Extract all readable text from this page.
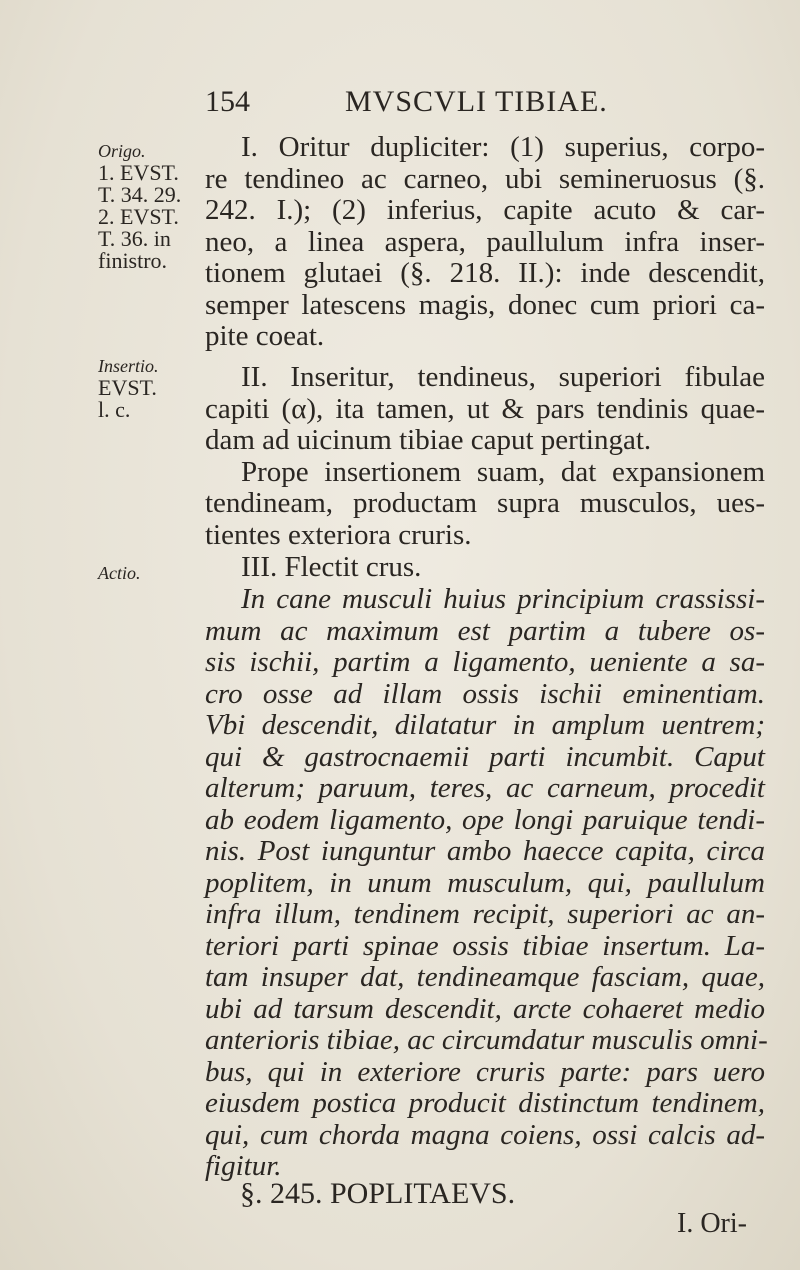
154	MVSCVLI TIBIAE.
Origo.
1. EVST.
T. 34. 29.
2. EVST.
T. 36. in
finistro.
Insertio.
EVST.
l. c.
Actio.
I. Oritur dupliciter: (1) superius, corpo-
re tendineo ac carneo, ubi semineruosus (§.
242. I.); (2) inferius, capite acuto & car-
neo, a linea aspera, paullulum infra inser-
tionem glutaei (§. 218. II.): inde descendit,
semper latescens magis, donec cum priori ca-
pite coeat.
II. Inseritur, tendineus, superiori fibulae
capiti (α), ita tamen, ut & pars tendinis quae-
dam ad uicinum tibiae caput pertingat.
Prope insertionem suam, dat expansionem
tendineam, productam supra musculos, ues-
tientes exteriora cruris.
III. Flectit crus.
In cane musculi huius principium crassissi-
mum ac maximum est partim a tubere os-
sis ischii, partim a ligamento, ueniente a sa-
cro osse ad illam ossis ischii eminentiam.
Vbi descendit, dilatatur in amplum uentrem;
qui & gastrocnaemii parti incumbit. Caput
alterum; paruum, teres, ac carneum, procedit
ab eodem ligamento, ope longi paruique tendi-
nis. Post iunguntur ambo haecce capita, circa
poplitem, in unum musculum, qui, paullulum
infra illum, tendinem recipit, superiori ac an-
teriori parti spinae ossis tibiae insertum. La-
tam insuper dat, tendineamque fasciam, quae,
ubi ad tarsum descendit, arcte cohaeret medio
anterioris tibiae, ac circumdatur musculis omni-
bus, qui in exteriore cruris parte: pars uero
eiusdem postica producit distinctum tendinem,
qui, cum chorda magna coiens, ossi calcis ad-
figitur.
§. 245. POPLITAEVS.
I. Ori-
